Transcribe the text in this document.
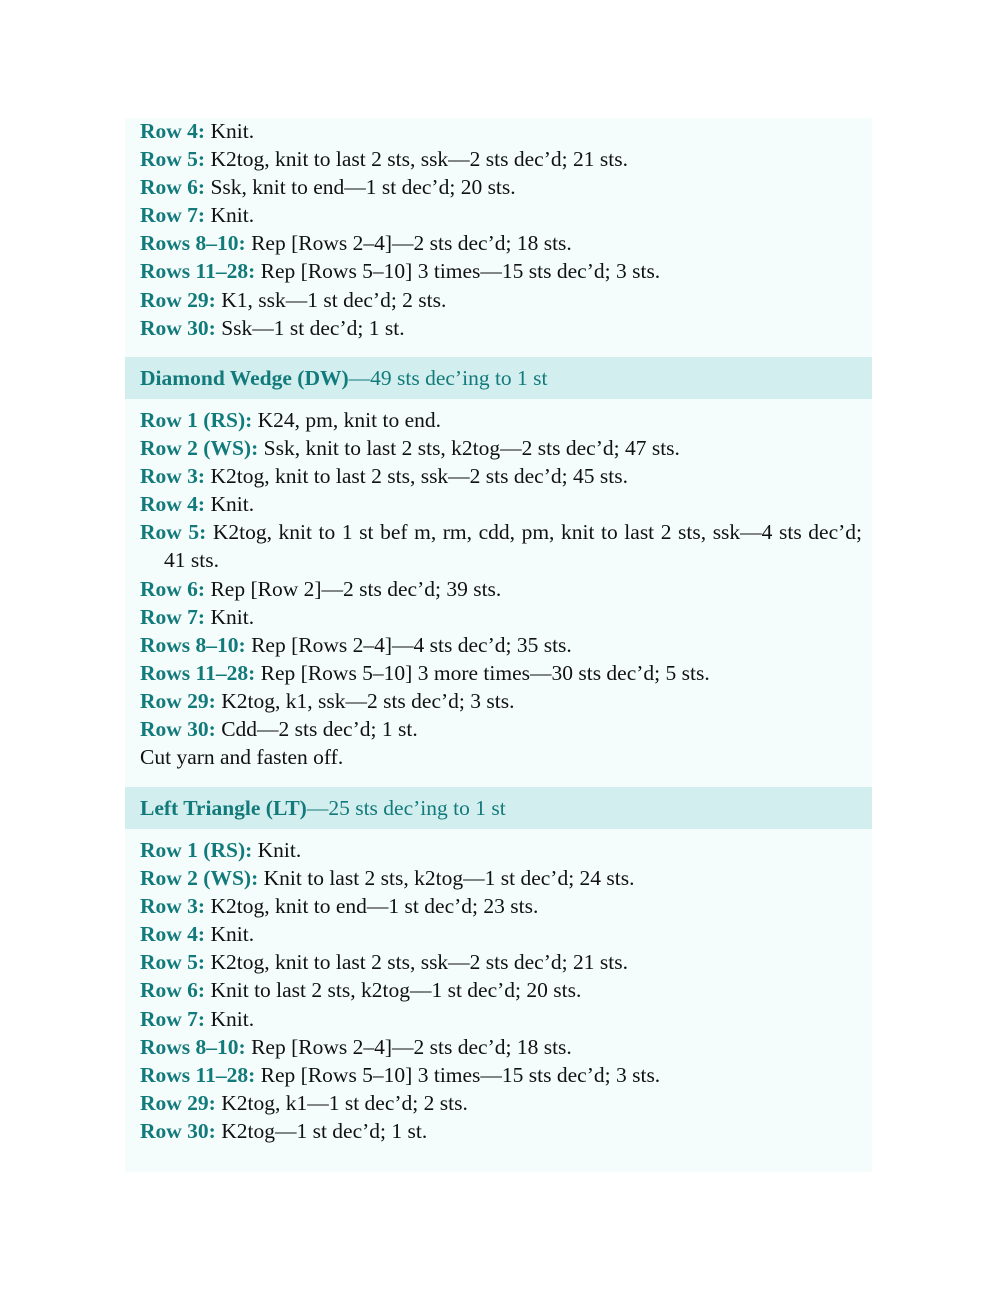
Row 4: Knit.
Row 5: K2tog, knit to last 2 sts, ssk—2 sts dec’d; 21 sts.
Row 6: Ssk, knit to end—1 st dec’d; 20 sts.
Row 7: Knit.
Rows 8–10: Rep [Rows 2–4]—2 sts dec’d; 18 sts.
Rows 11–28: Rep [Rows 5–10] 3 times—15 sts dec’d; 3 sts.
Row 29: K1, ssk—1 st dec’d; 2 sts.
Row 30: Ssk—1 st dec’d; 1 st.
Diamond Wedge (DW)—49 sts dec’ing to 1 st
Row 1 (RS): K24, pm, knit to end.
Row 2 (WS): Ssk, knit to last 2 sts, k2tog—2 sts dec’d; 47 sts.
Row 3: K2tog, knit to last 2 sts, ssk—2 sts dec’d; 45 sts.
Row 4: Knit.
Row 5: K2tog, knit to 1 st bef m, rm, cdd, pm, knit to last 2 sts, ssk—4 sts dec’d; 41 sts.
Row 6: Rep [Row 2]—2 sts dec’d; 39 sts.
Row 7: Knit.
Rows 8–10: Rep [Rows 2–4]—4 sts dec’d; 35 sts.
Rows 11–28: Rep [Rows 5–10] 3 more times—30 sts dec’d; 5 sts.
Row 29: K2tog, k1, ssk—2 sts dec’d; 3 sts.
Row 30: Cdd—2 sts dec’d; 1 st.
Cut yarn and fasten off.
Left Triangle (LT)—25 sts dec’ing to 1 st
Row 1 (RS): Knit.
Row 2 (WS): Knit to last 2 sts, k2tog—1 st dec’d; 24 sts.
Row 3: K2tog, knit to end—1 st dec’d; 23 sts.
Row 4: Knit.
Row 5: K2tog, knit to last 2 sts, ssk—2 sts dec’d; 21 sts.
Row 6: Knit to last 2 sts, k2tog—1 st dec’d; 20 sts.
Row 7: Knit.
Rows 8–10: Rep [Rows 2–4]—2 sts dec’d; 18 sts.
Rows 11–28: Rep [Rows 5–10] 3 times—15 sts dec’d; 3 sts.
Row 29: K2tog, k1—1 st dec’d; 2 sts.
Row 30: K2tog—1 st dec’d; 1 st.
